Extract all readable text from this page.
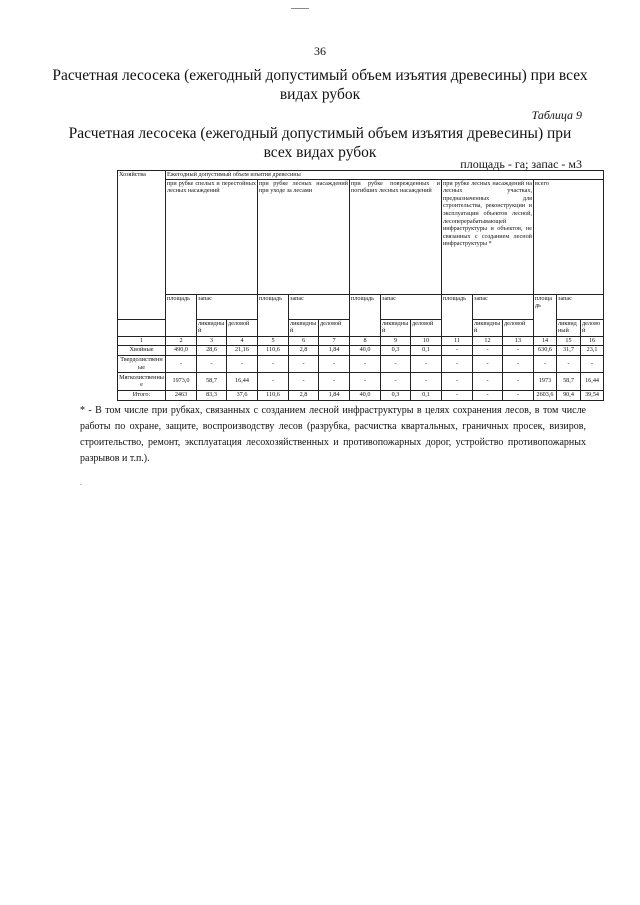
36
Расчетная лесосека (ежегодный допустимый объем изъятия древесины) при всех видах рубок
Таблица 9
Расчетная лесосека (ежегодный допустимый объем изъятия древесины) при всех видах рубок
площадь - га; запас - м3
Хозяйства	Ежегодный допустимый объем изъятия древесины														
	при рубке спелых и перестойных лесных насаждений			при рубке лесных насаждений при уходе за лесами			при рубке поврежденных и погибших лесных насаждений			при рубке лесных насаждений на лесных участках, предназначенных для строительства, реконструкции и эксплуатации объектов лесной, лесоперерабатывающей инфраструктуры и объектов, не связанных с созданием лесной инфраструктуры *			всего		
	площадь	запас		площадь	запас		площадь	запас		площадь	запас		площадь	запас	
		ликвидный	деловой		ликвидный	деловой		ликвидный	деловой		ликвидный	деловой		ликвидный	деловой
1	2	3	4	5	6	7	8	9	10	11	12	13	14	15	16
Хвойные	490,0	28,6	21,16	110,6	2,8	1,84	40,0	0,3	0,1	-	-	-	630,6	31,7	23,1
Твердолиственные	-	-	-	-	-	-	-	-	-	-	-	-	-	-	-
Мягколиственные	1973,0	58,7	16,44	-	-	-	-	-	-	-	-	-	1973	58,7	16,44
Итого:	2463	83,3	37,6	110,6	2,8	1,84	40,0	0,3	0,1	-	-	-	2603,6	90,4	39,54
* - В том числе при рубках, связанных с созданием лесной инфраструктуры в целях сохранения лесов, в том числе работы по охране, защите, воспроизводству лесов (разрубка, расчистка квартальных, граничных просек, визиров, строительство, ремонт, эксплуатация лесохозяйственных и противопожарных дорог, устройство противопожарных разрывов и т.п.).
.
